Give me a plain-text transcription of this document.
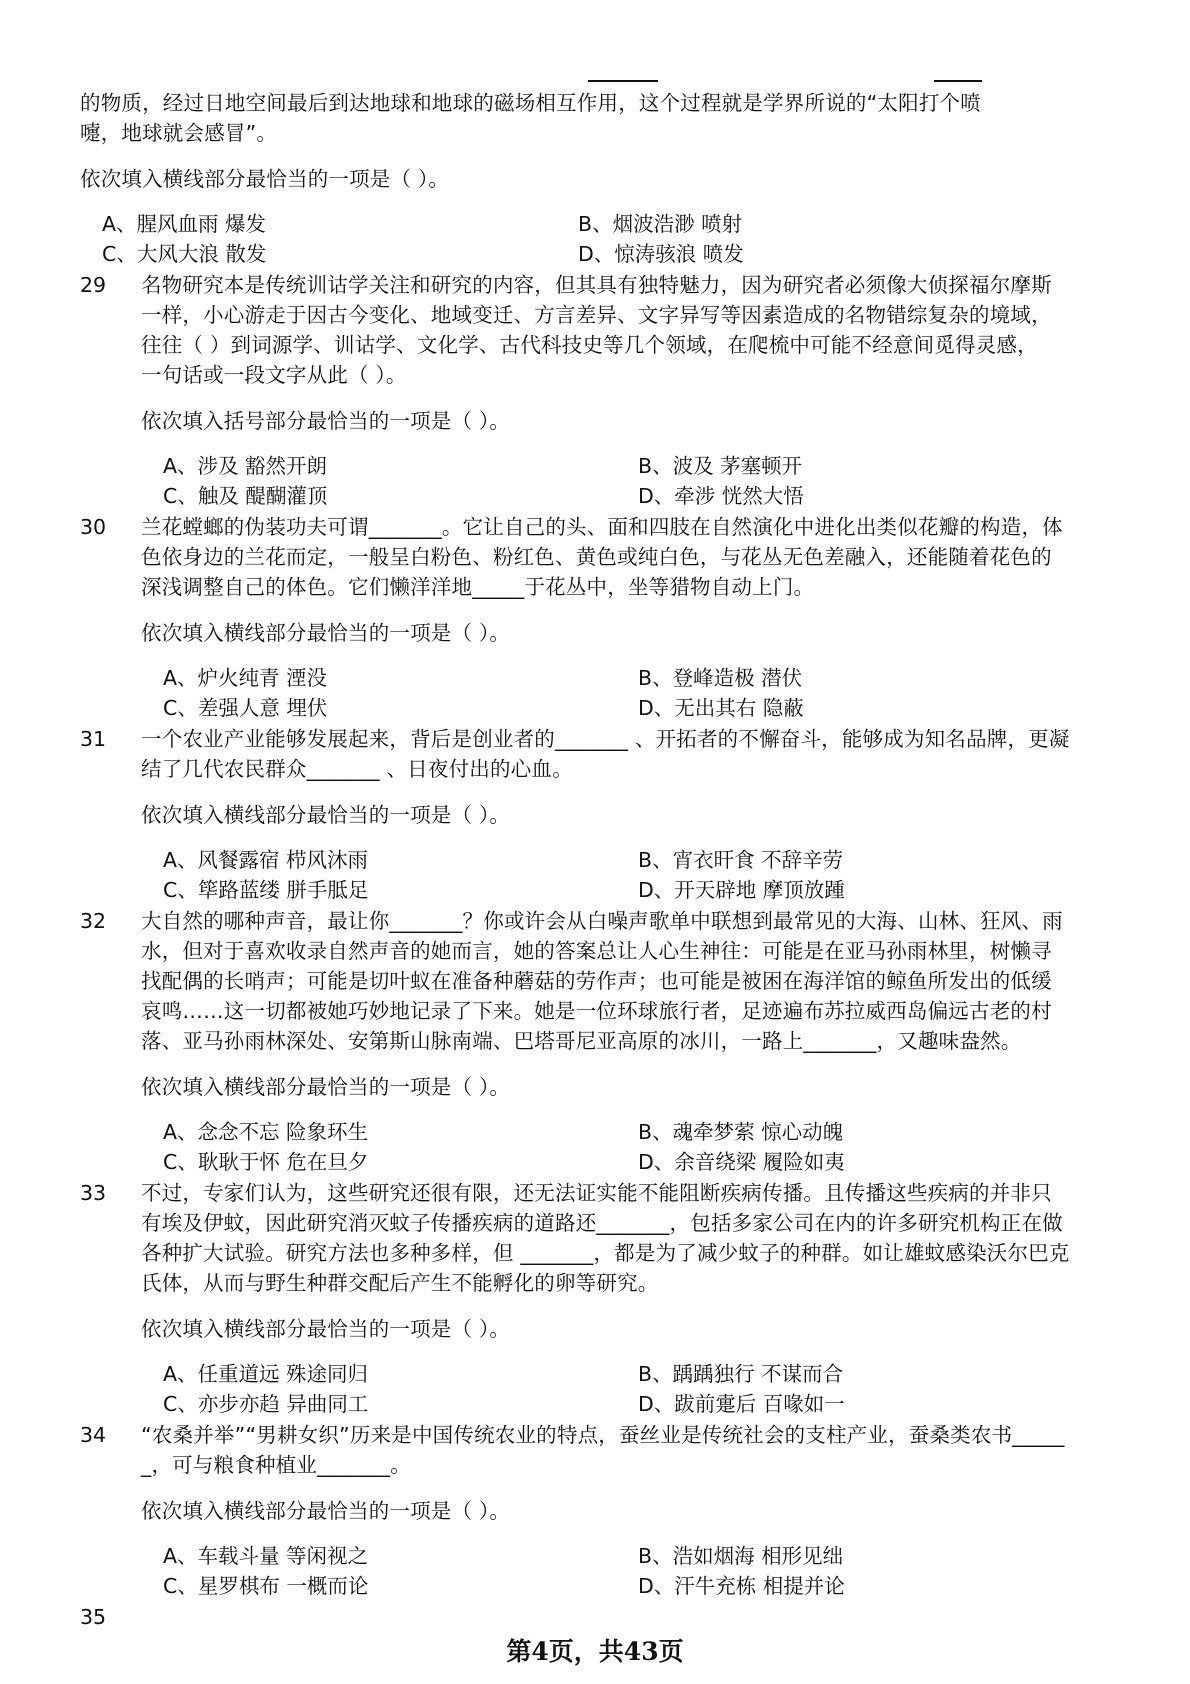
的物质，经过日地空间最后到达地球和地球的磁场相互作用，这个过程就是学界所说的“太阳打个喷
嚏，地球就会感冒”。
依次填入横线部分最恰当的一项是（ ）。
A、腥风血雨 爆发	B、烟波浩渺 喷射
C、大风大浪 散发	D、惊涛骇浪 喷发
29 名物研究本是传统训诂学关注和研究的内容，但其具有独特魅力，因为研究者必须像大侦探福尔摩斯
一样，小心游走于因古今变化、地域变迁、方言差异、文字异写等因素造成的名物错综复杂的境域，
往往（ ）到词源学、训诂学、文化学、古代科技史等几个领域，在爬梳中可能不经意间觅得灵感，
一句话或一段文字从此（ ）。
依次填入括号部分最恰当的一项是（ ）。
A、涉及 豁然开朗	B、波及 茅塞顿开
C、触及 醍醐灌顶	D、牵涉 恍然大悟
30 兰花螳螂的伪装功夫可谓_______。它让自己的头、面和四肢在自然演化中进化出类似花瓣的构造，体
色依身边的兰花而定，一般呈白粉色、粉红色、黄色或纯白色，与花丛无色差融入，还能随着花色的
深浅调整自己的体色。它们懒洋洋地_____于花丛中，坐等猎物自动上门。
依次填入横线部分最恰当的一项是（ ）。
A、炉火纯青 湮没	B、登峰造极 潜伏
C、差强人意 埋伏	D、无出其右 隐蔽
31 一个农业产业能够发展起来，背后是创业者的_______ 、开拓者的不懈奋斗，能够成为知名品牌，更凝
结了几代农民群众_______ 、日夜付出的心血。
依次填入横线部分最恰当的一项是（ ）。
A、风餐露宿 栉风沐雨	B、宵衣旰食 不辞辛劳
C、筚路蓝缕 胼手胝足	D、开天辟地 摩顶放踵
32 大自然的哪种声音，最让你_______？你或许会从白噪声歌单中联想到最常见的大海、山林、狂风、雨
水，但对于喜欢收录自然声音的她而言，她的答案总让人心生神往：可能是在亚马孙雨林里，树懒寻
找配偶的长哨声；可能是切叶蚁在准备种蘑菇的劳作声；也可能是被困在海洋馆的鲸鱼所发出的低缓
哀鸣……这一切都被她巧妙地记录了下来。她是一位环球旅行者，足迹遍布苏拉威西岛偏远古老的村
落、亚马孙雨林深处、安第斯山脉南端、巴塔哥尼亚高原的冰川，一路上_______，又趣味盎然。
依次填入横线部分最恰当的一项是（ ）。
A、念念不忘 险象环生	B、魂牵梦萦 惊心动魄
C、耿耿于怀 危在旦夕	D、余音绕梁 履险如夷
33 不过，专家们认为，这些研究还很有限，还无法证实能不能阻断疾病传播。且传播这些疾病的并非只
有埃及伊蚊，因此研究消灭蚊子传播疾病的道路还_______，包括多家公司在内的许多研究机构正在做
各种扩大试验。研究方法也多种多样，但 _______，都是为了减少蚊子的种群。如让雄蚊感染沃尔巴克
氏体，从而与野生种群交配后产生不能孵化的卵等研究。
依次填入横线部分最恰当的一项是（ ）。
A、任重道远 殊途同归	B、踽踽独行 不谋而合
C、亦步亦趋 异曲同工	D、跋前疐后 百喙如一
34 “农桑并举”“男耕女织”历来是中国传统农业的特点，蚕丝业是传统社会的支柱产业，蚕桑类农书_____
_，可与粮食种植业_______。
依次填入横线部分最恰当的一项是（ ）。
A、车载斗量 等闲视之	B、浩如烟海 相形见绌
C、星罗棋布 一概而论	D、汗牛充栋 相提并论
35
第4页，共43页
